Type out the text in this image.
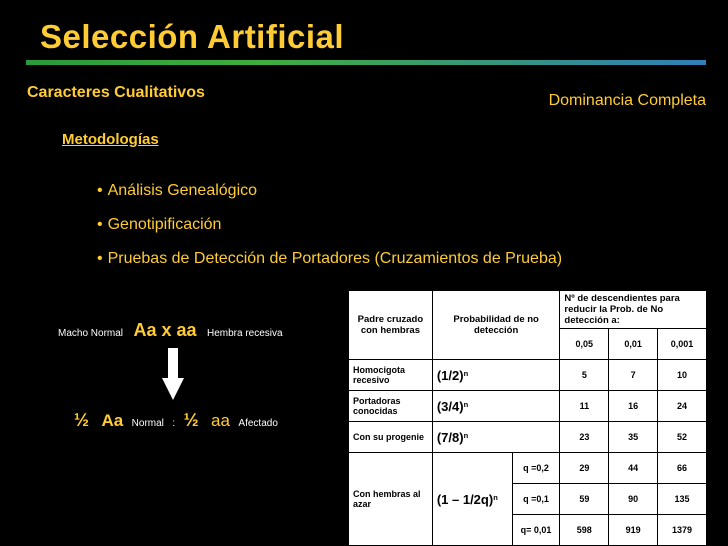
Selección Artificial
Caracteres Cualitativos	Dominancia Completa
Metodologías
• Análisis Genealógico
• Genotipificación
• Pruebas de Detección de Portadores (Cruzamientos de Prueba)
Macho Normal Aa x aa Hembra recesiva
½ Aa Normal : ½ aa Afectado
Padre cruzado con hembras	Probabilidad de no detección		Nº de descendientes para reducir la Prob. de No detección a:		
			0,05	0,01	0,001
Homocigota recesivo	$(1/2)^n$		5	7	10
Portadoras conocidas	$(3/4)^n$		11	16	24
Con su progenie	$(7/8)^n$		23	35	52
Con hembras al azar	(1 – 1/2q)$^n$	q =0,2	29	44	66
		q =0,1	59	90	135
		q= 0,01	598	919	1379
